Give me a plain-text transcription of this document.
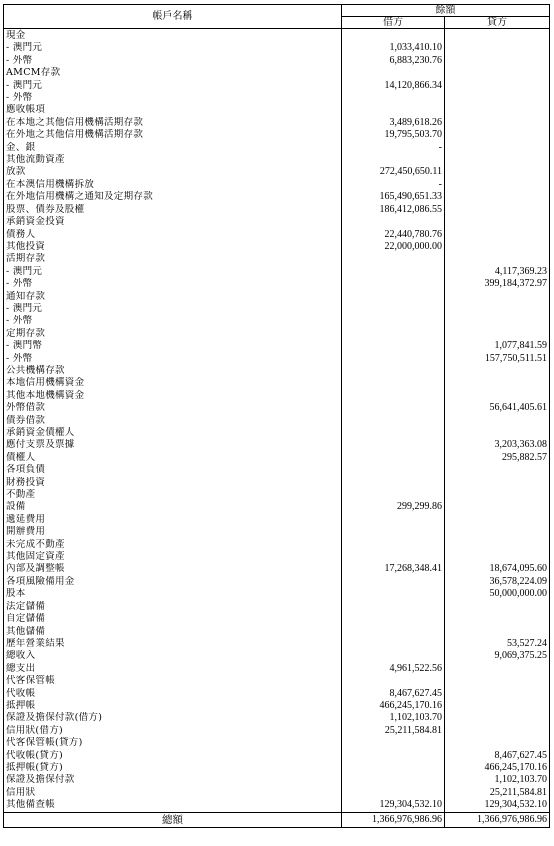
帳戶名稱	餘額	
	借方	貸方
現金		
- 澳門元	1,033,410.10	
- 外幣	6,883,230.76	
AMCM存款		
- 澳門元	14,120,866.34	
- 外幣		
應收帳項		
在本地之其他信用機構活期存款	3,489,618.26	
在外地之其他信用機構活期存款	19,795,503.70	
金、銀	-	
其他流動資產		
放款	272,450,650.11	
在本澳信用機構拆放	-	
在外地信用機構之通知及定期存款	165,490,651.33	
股票、債券及股權	186,412,086.55	
承銷資金投資		
債務人	22,440,780.76	
其他投資	22,000,000.00	
活期存款		
- 澳門元		4,117,369.23
- 外幣		399,184,372.97
通知存款		
- 澳門元		
- 外幣		
定期存款		
- 澳門幣		1,077,841.59
- 外幣		157,750,511.51
公共機構存款		
本地信用機構資金		
其他本地機構資金		
外幣借款		56,641,405.61
債券借款		
承銷資金債權人		
應付支票及票據		3,203,363.08
債權人		295,882.57
各項負債		
財務投資		
不動產		
設備	299,299.86	
遞延費用		
開辦費用		
未完成不動產		
其他固定資產		
內部及調整帳	17,268,348.41	18,674,095.60
各項風險備用金		36,578,224.09
股本		50,000,000.00
法定儲備		
自定儲備		
其他儲備		
歷年營業結果		53,527.24
總收入		9,069,375.25
總支出	4,961,522.56	
代客保管帳		
代收帳	8,467,627.45	
抵押帳	466,245,170.16	
保證及擔保付款(借方)	1,102,103.70	
信用狀(借方)	25,211,584.81	
代客保管帳(貸方)		
代收帳(貸方)		8,467,627.45
抵押帳(貸方)		466,245,170.16
保證及擔保付款		1,102,103.70
信用狀		25,211,584.81
其他備查帳	129,304,532.10	129,304,532.10
總額	1,366,976,986.96	1,366,976,986.96
